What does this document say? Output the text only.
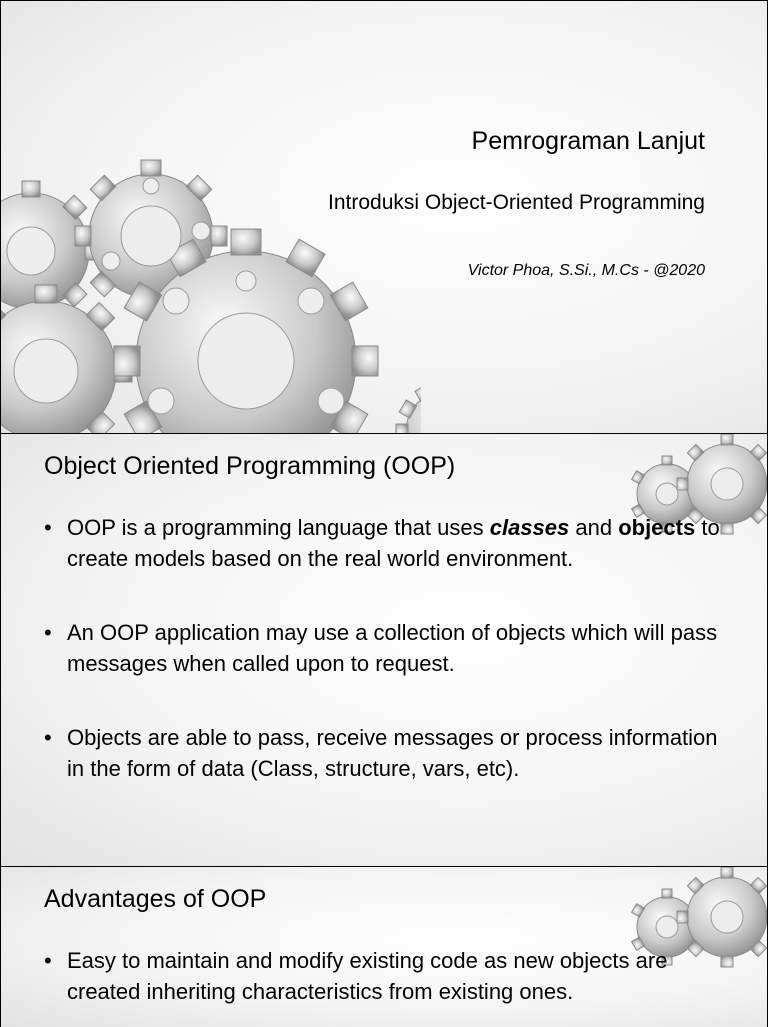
Pemrograman Lanjut
Introduksi Object-Oriented Programming
Victor Phoa, S.Si., M.Cs - @2020
Object Oriented Programming (OOP)
• OOP is a programming language that uses classes and objects to create models based on the real world environment.
• An OOP application may use a collection of objects which will pass messages when called upon to request.
• Objects are able to pass, receive messages or process information in the form of data (Class, structure, vars, etc).
Advantages of OOP
• Easy to maintain and modify existing code as new objects are created inheriting characteristics from existing ones.
